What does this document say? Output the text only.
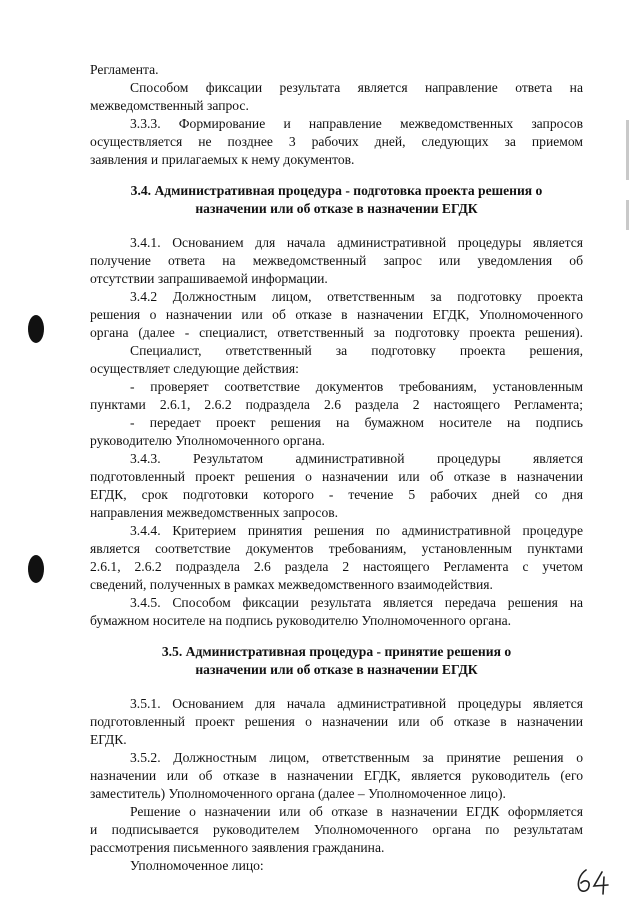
Регламента.
Способом фиксации результата является направление ответа на
межведомственный запрос.
3.3.3. Формирование и направление межведомственных запросов
осуществляется не позднее 3 рабочих дней, следующих за приемом
заявления и прилагаемых к нему документов.
3.4. Административная процедура - подготовка проекта решения о
назначении или об отказе в назначении ЕГДК
3.4.1. Основанием для начала административной процедуры является
получение ответа на межведомственный запрос или уведомления об
отсутствии запрашиваемой информации.
3.4.2 Должностным лицом, ответственным за подготовку проекта
решения о назначении или об отказе в назначении ЕГДК, Уполномоченного
органа (далее - специалист, ответственный за подготовку проекта решения).
Специалист, ответственный за подготовку проекта решения,
осуществляет следующие действия:
- проверяет соответствие документов требованиям, установленным
пунктами 2.6.1, 2.6.2 подраздела 2.6 раздела 2 настоящего Регламента;
- передает проект решения на бумажном носителе на подпись
руководителю Уполномоченного органа.
3.4.3. Результатом административной процедуры является
подготовленный проект решения о назначении или об отказе в назначении
ЕГДК, срок подготовки которого - течение 5 рабочих дней со дня
направления межведомственных запросов.
3.4.4. Критерием принятия решения по административной процедуре
является соответствие документов требованиям, установленным пунктами
2.6.1, 2.6.2 подраздела 2.6 раздела 2 настоящего Регламента с учетом
сведений, полученных в рамках межведомственного взаимодействия.
3.4.5. Способом фиксации результата является передача решения на
бумажном носителе на подпись руководителю Уполномоченного органа.
3.5. Административная процедура - принятие решения о
назначении или об отказе в назначении ЕГДК
3.5.1. Основанием для начала административной процедуры является
подготовленный проект решения о назначении или об отказе в назначении
ЕГДК.
3.5.2. Должностным лицом, ответственным за принятие решения о
назначении или об отказе в назначении ЕГДК, является руководитель (его
заместитель) Уполномоченного органа (далее – Уполномоченное лицо).
Решение о назначении или об отказе в назначении ЕГДК оформляется
и подписывается руководителем Уполномоченного органа по результатам
рассмотрения письменного заявления гражданина.
Уполномоченное лицо:
